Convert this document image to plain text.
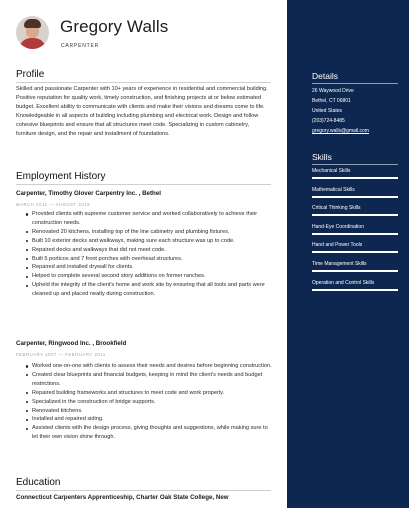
Gregory Walls
CARPENTER
Profile
Skilled and passionate Carpenter with 10+ years of experience in residential and commercial building. Positive reputation for quality work, timely construction, and finishing projects at or below estimated budget. Excellent ability to communicate with clients and make their visions and dreams come to life. Knowledgeable in all aspects of building including plumbing and electrical work. Design and follow cohesive blueprints and ensure that all structures meet code. Specializing in custom cabinetry, furniture design, and the repair and installment of foundations.
Employment History
Carpenter, Timothy Glover Carpentry Inc. , Bethel
MARCH 2011 — AUGUST 2019
Provided clients with supreme customer service and worked collaboratively to achieve their construction needs.
Renovated 20 kitchens, installing top of the line cabinetry and plumbing fixtures.
Built 10 exterior decks and walkways, making sure each structure was up to code.
Repaired decks and walkways that did not meet code.
Built 5 porticos and 7 front porches with overhead structures.
Repaired and installed drywall for clients.
Helped to complete several second story additions on former ranches.
Upheld the integrity of the client's home and work site by ensuring that all tools and parts were cleaned up and placed neatly during construction.
Carpenter, Ringwood Inc. , Brookfield
FEBRUARY 2007 — FEBRUARY 2011
Worked one-on-one with clients to assess their needs and desires before beginning construction.
Created clear blueprints and financial budgets, keeping in mind the client's needs and budget restrictions.
Repaired building frameworks and structures to meet code and work properly.
Specialized in the construction of bridge supports.
Renovated kitchens.
Installed and repaired siding.
Assisted clients with the design process, giving thoughts and suggestions, while making sure to let their own vision shine through.
Education
Connecticut Carpenters Apprenticeship, Charter Oak State College, New
Details
26 Waywood Drive
Bethel, CT 06801
United States
(203)724-8485
gregory.walls@gmail.com
Skills
Mechanical Skills
Mathematical Skills
Critical Thinking Skills
Hand-Eye Coordination
Hand and Power Tools
Time Management Skills
Operation and Control Skills
